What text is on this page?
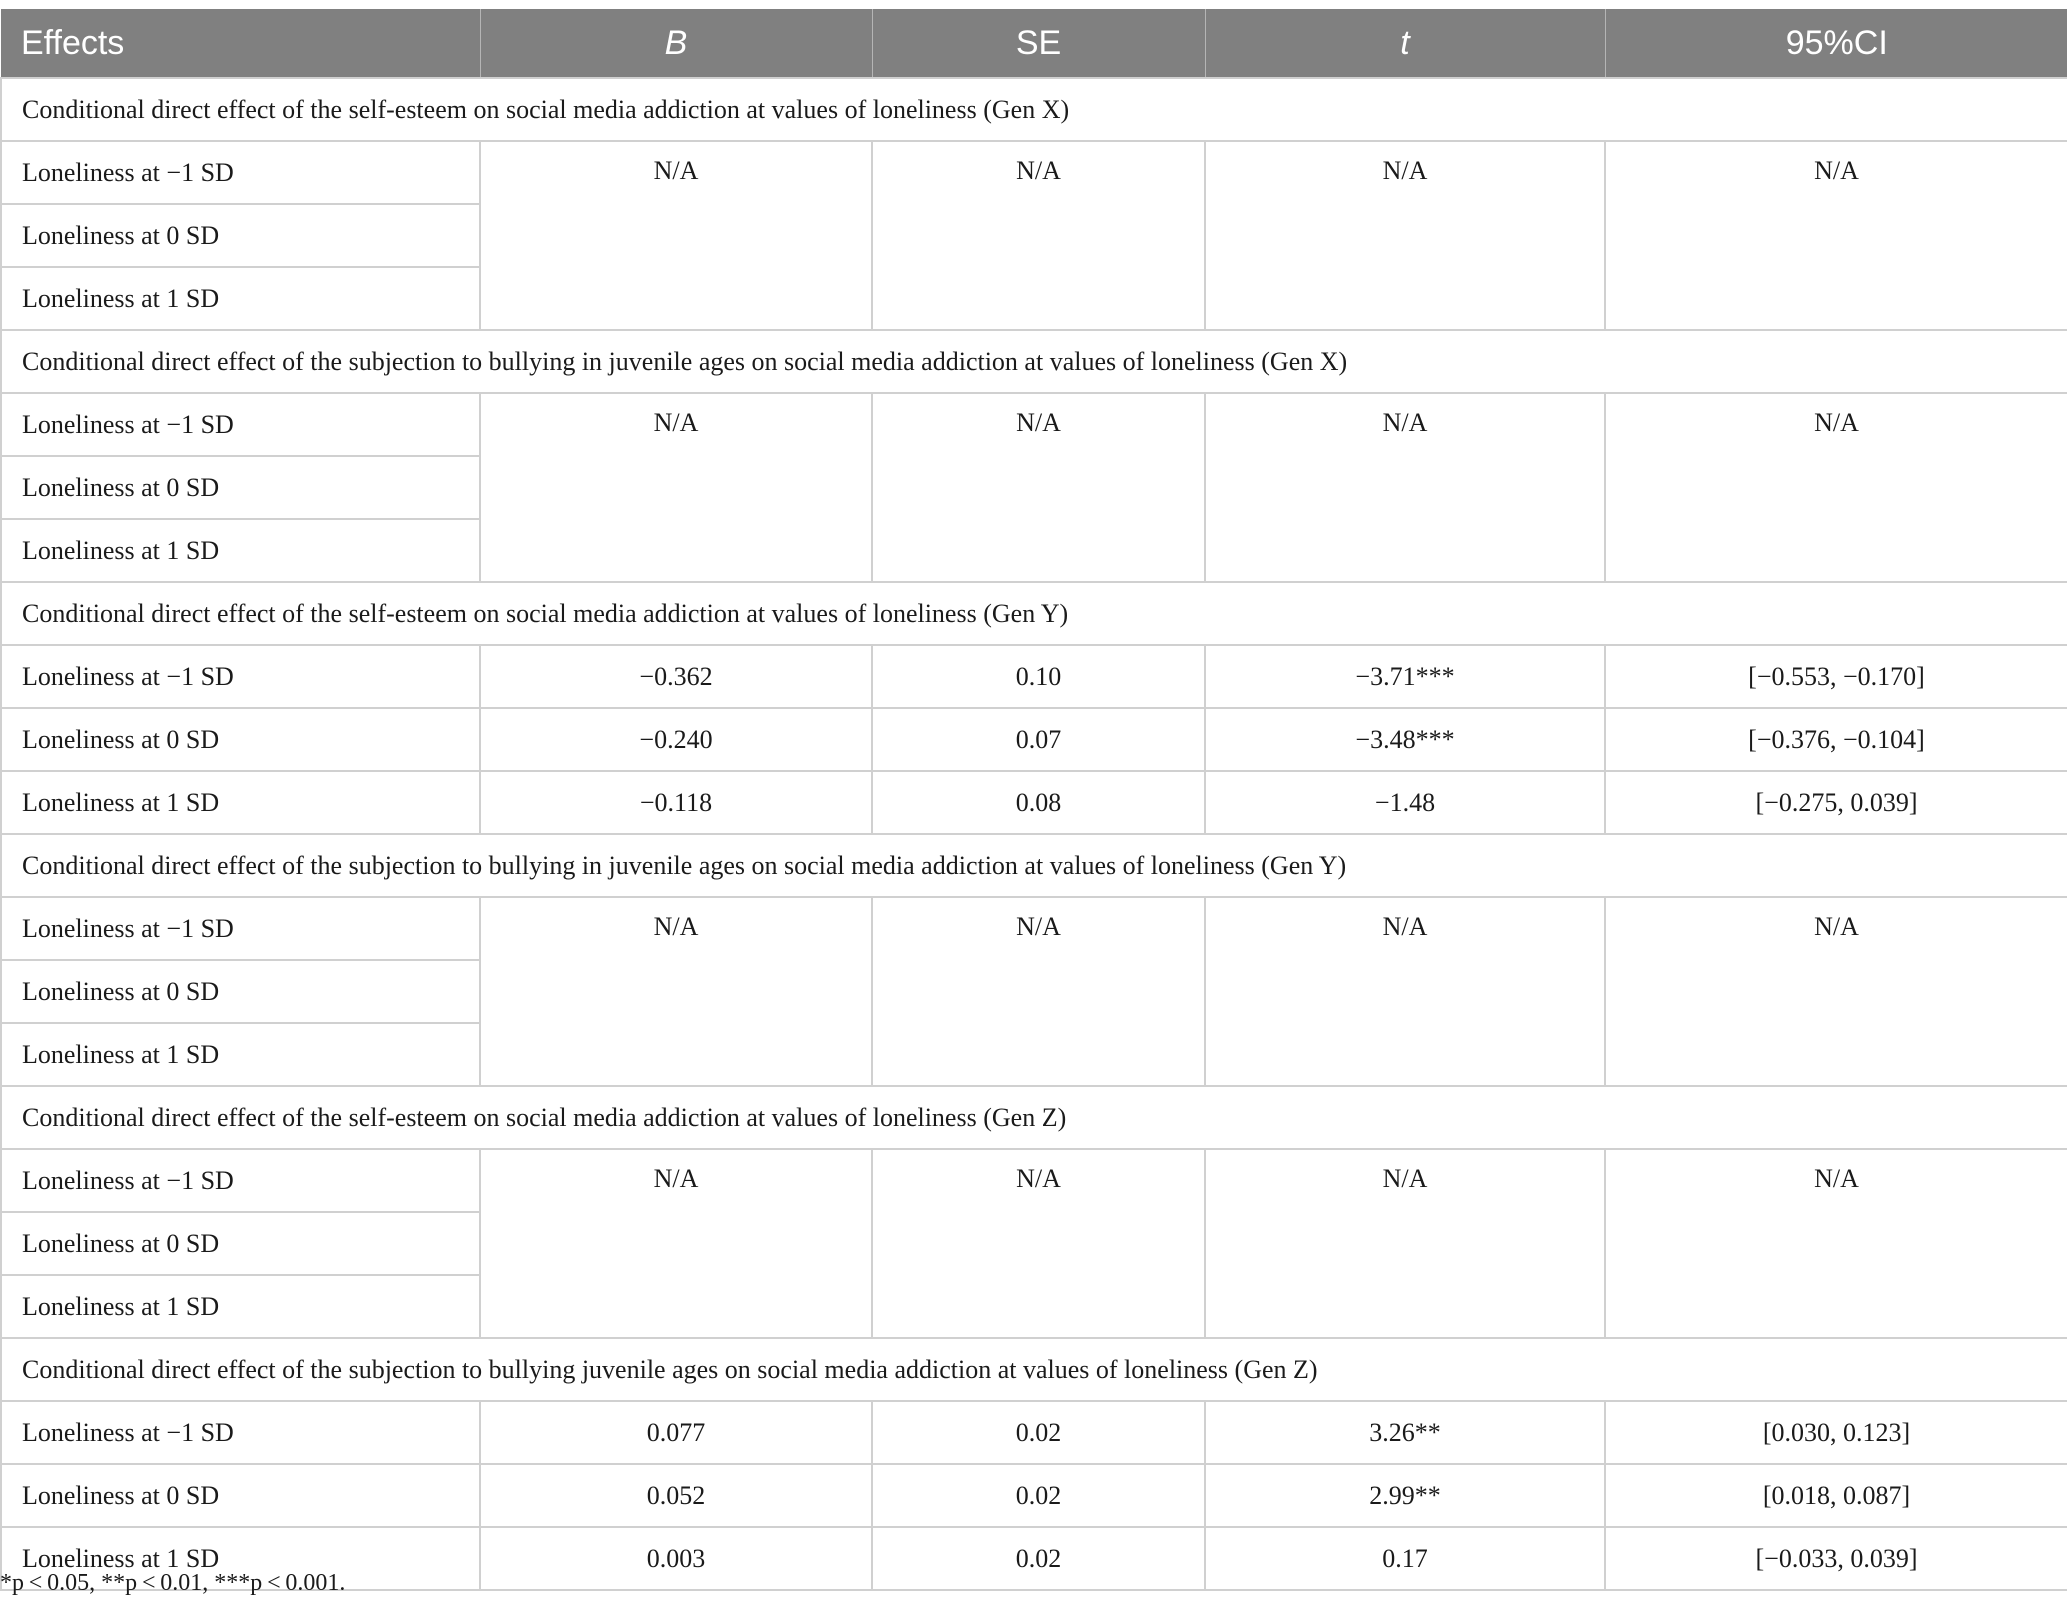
Effects	B	SE	t	95%CI
Conditional direct effect of the self-esteem on social media addiction at values of loneliness (Gen X)				
Loneliness at −1 SD	N/A	N/A	N/A	N/A
Loneliness at 0 SD				
Loneliness at 1 SD				
Conditional direct effect of the subjection to bullying in juvenile ages on social media addiction at values of loneliness (Gen X)				
Loneliness at −1 SD	N/A	N/A	N/A	N/A
Loneliness at 0 SD				
Loneliness at 1 SD				
Conditional direct effect of the self-esteem on social media addiction at values of loneliness (Gen Y)				
Loneliness at −1 SD	−0.362	0.10	−3.71***	[−0.553, −0.170]
Loneliness at 0 SD	−0.240	0.07	−3.48***	[−0.376, −0.104]
Loneliness at 1 SD	−0.118	0.08	−1.48	[−0.275, 0.039]
Conditional direct effect of the subjection to bullying in juvenile ages on social media addiction at values of loneliness (Gen Y)				
Loneliness at −1 SD	N/A	N/A	N/A	N/A
Loneliness at 0 SD				
Loneliness at 1 SD				
Conditional direct effect of the self-esteem on social media addiction at values of loneliness (Gen Z)				
Loneliness at −1 SD	N/A	N/A	N/A	N/A
Loneliness at 0 SD				
Loneliness at 1 SD				
Conditional direct effect of the subjection to bullying juvenile ages on social media addiction at values of loneliness (Gen Z)				
Loneliness at −1 SD	0.077	0.02	3.26**	[0.030, 0.123]
Loneliness at 0 SD	0.052	0.02	2.99**	[0.018, 0.087]
Loneliness at 1 SD	0.003	0.02	0.17	[−0.033, 0.039]

*p < 0.05, **p < 0.01, ***p < 0.001.
